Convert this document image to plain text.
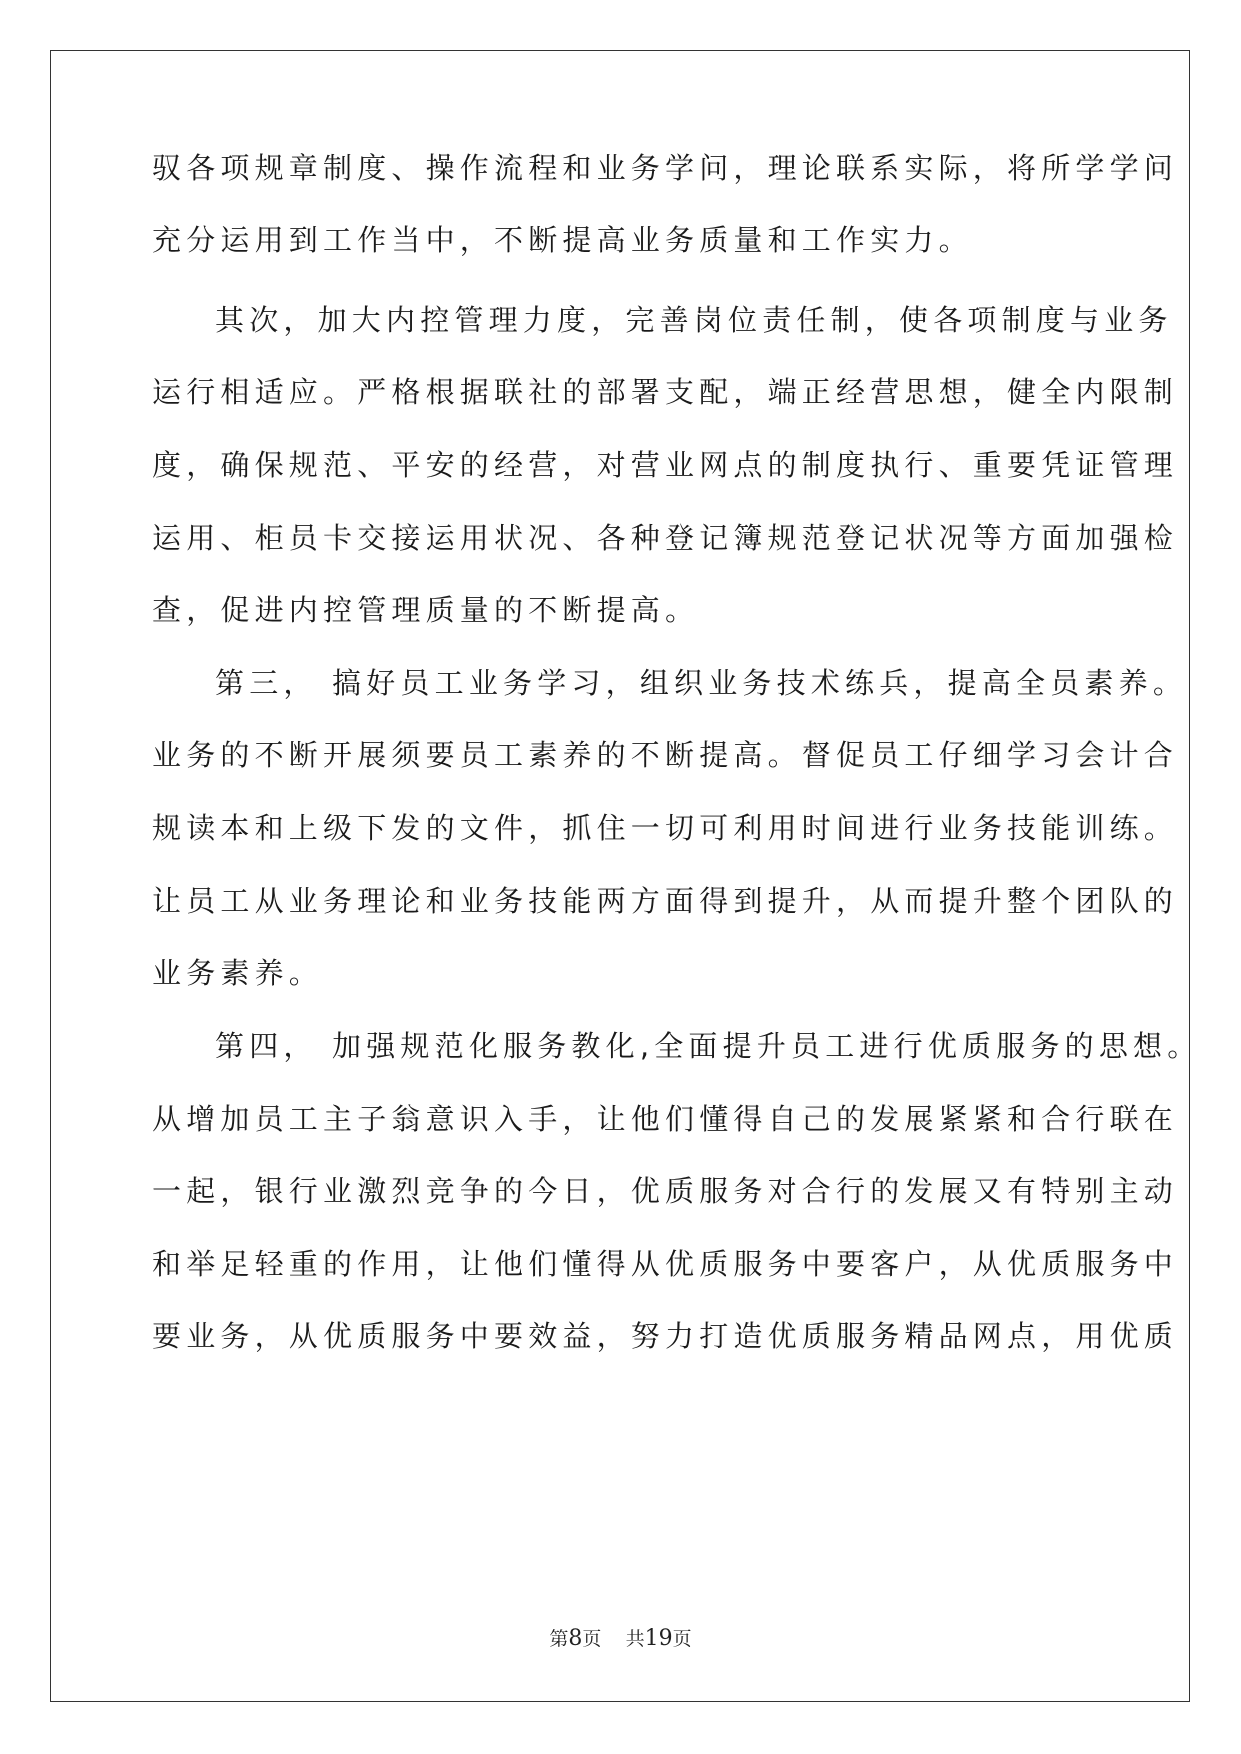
驭各项规章制度、操作流程和业务学问，理论联系实际，将所学学问
充分运用到工作当中，不断提高业务质量和工作实力。
其次，加大内控管理力度，完善岗位责任制，使各项制度与业务
运行相适应。严格根据联社的部署支配，端正经营思想，健全内限制
度，确保规范、平安的经营，对营业网点的制度执行、重要凭证管理
运用、柜员卡交接运用状况、各种登记簿规范登记状况等方面加强检
查，促进内控管理质量的不断提高。
第三， 搞好员工业务学习，组织业务技术练兵，提高全员素养。
业务的不断开展须要员工素养的不断提高。督促员工仔细学习会计合
规读本和上级下发的文件，抓住一切可利用时间进行业务技能训练。
让员工从业务理论和业务技能两方面得到提升，从而提升整个团队的
业务素养。
第四， 加强规范化服务教化,全面提升员工进行优质服务的思想。
从增加员工主子翁意识入手，让他们懂得自己的发展紧紧和合行联在
一起，银行业激烈竞争的今日，优质服务对合行的发展又有特别主动
和举足轻重的作用，让他们懂得从优质服务中要客户，从优质服务中
要业务，从优质服务中要效益，努力打造优质服务精品网点，用优质
第8页    共19页
